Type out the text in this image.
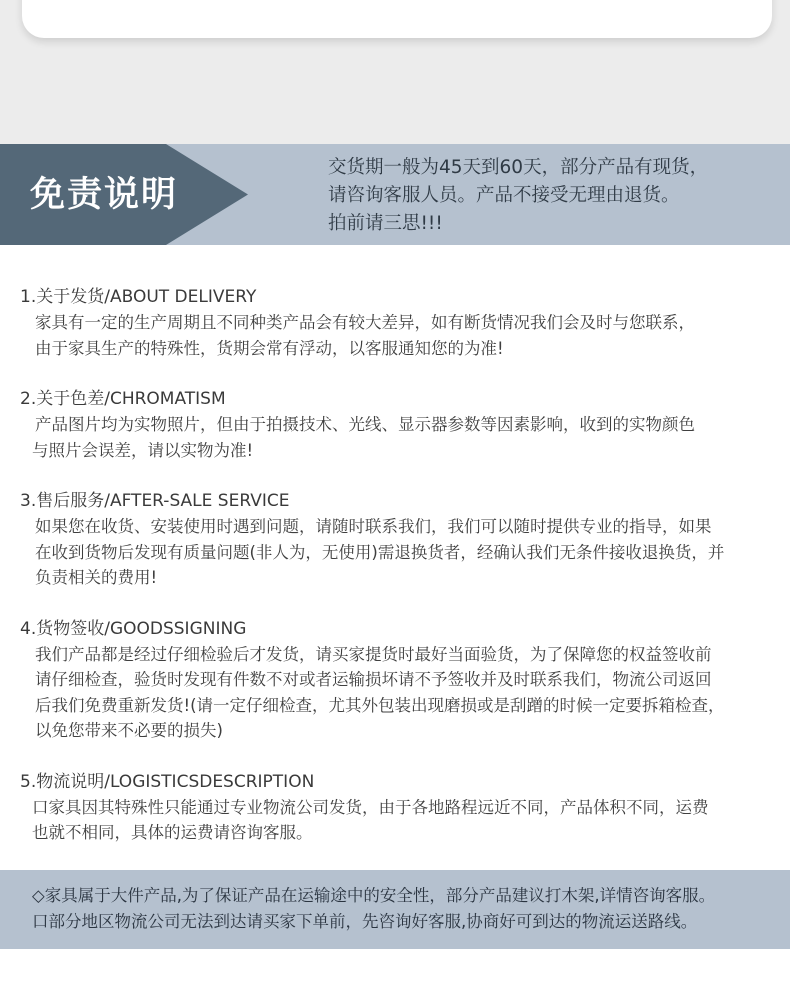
免责说明
交货期一般为45天到60天，部分产品有现货，
请咨询客服人员。产品不接受无理由退货。
拍前请三思!!!
1.关于发货/ABOUT DELIVERY
家具有一定的生产周期且不同种类产品会有较大差异，如有断货情况我们会及时与您联系，
由于家具生产的特殊性，货期会常有浮动，以客服通知您的为准!
2.关于色差/CHROMATISM
产品图片均为实物照片，但由于拍摄技术、光线、显示器参数等因素影响，收到的实物颜色
与照片会误差，请以实物为准!
3.售后服务/AFTER-SALE SERVICE
如果您在收货、安装使用时遇到问题，请随时联系我们，我们可以随时提供专业的指导，如果
在收到货物后发现有质量问题(非人为，无使用)需退换货者，经确认我们无条件接收退换货，并
负责相关的费用!
4.货物签收/GOODSSIGNING
我们产品都是经过仔细检验后才发货，请买家提货时最好当面验货，为了保障您的权益签收前
请仔细检查，验货时发现有件数不对或者运输损坏请不予签收并及时联系我们，物流公司返回
后我们免费重新发货!(请一定仔细检查，尤其外包装出现磨损或是刮蹭的时候一定要拆箱检查，
以免您带来不必要的损失)
5.物流说明/LOGISTICSDESCRIPTION
口家具因其特殊性只能通过专业物流公司发货，由于各地路程远近不同，产品体积不同，运费
也就不相同，具体的运费请咨询客服。
◇家具属于大件产品,为了保证产品在运输途中的安全性，部分产品建议打木架,详情咨询客服。
口部分地区物流公司无法到达请买家下单前，先咨询好客服,协商好可到达的物流运送路线。
